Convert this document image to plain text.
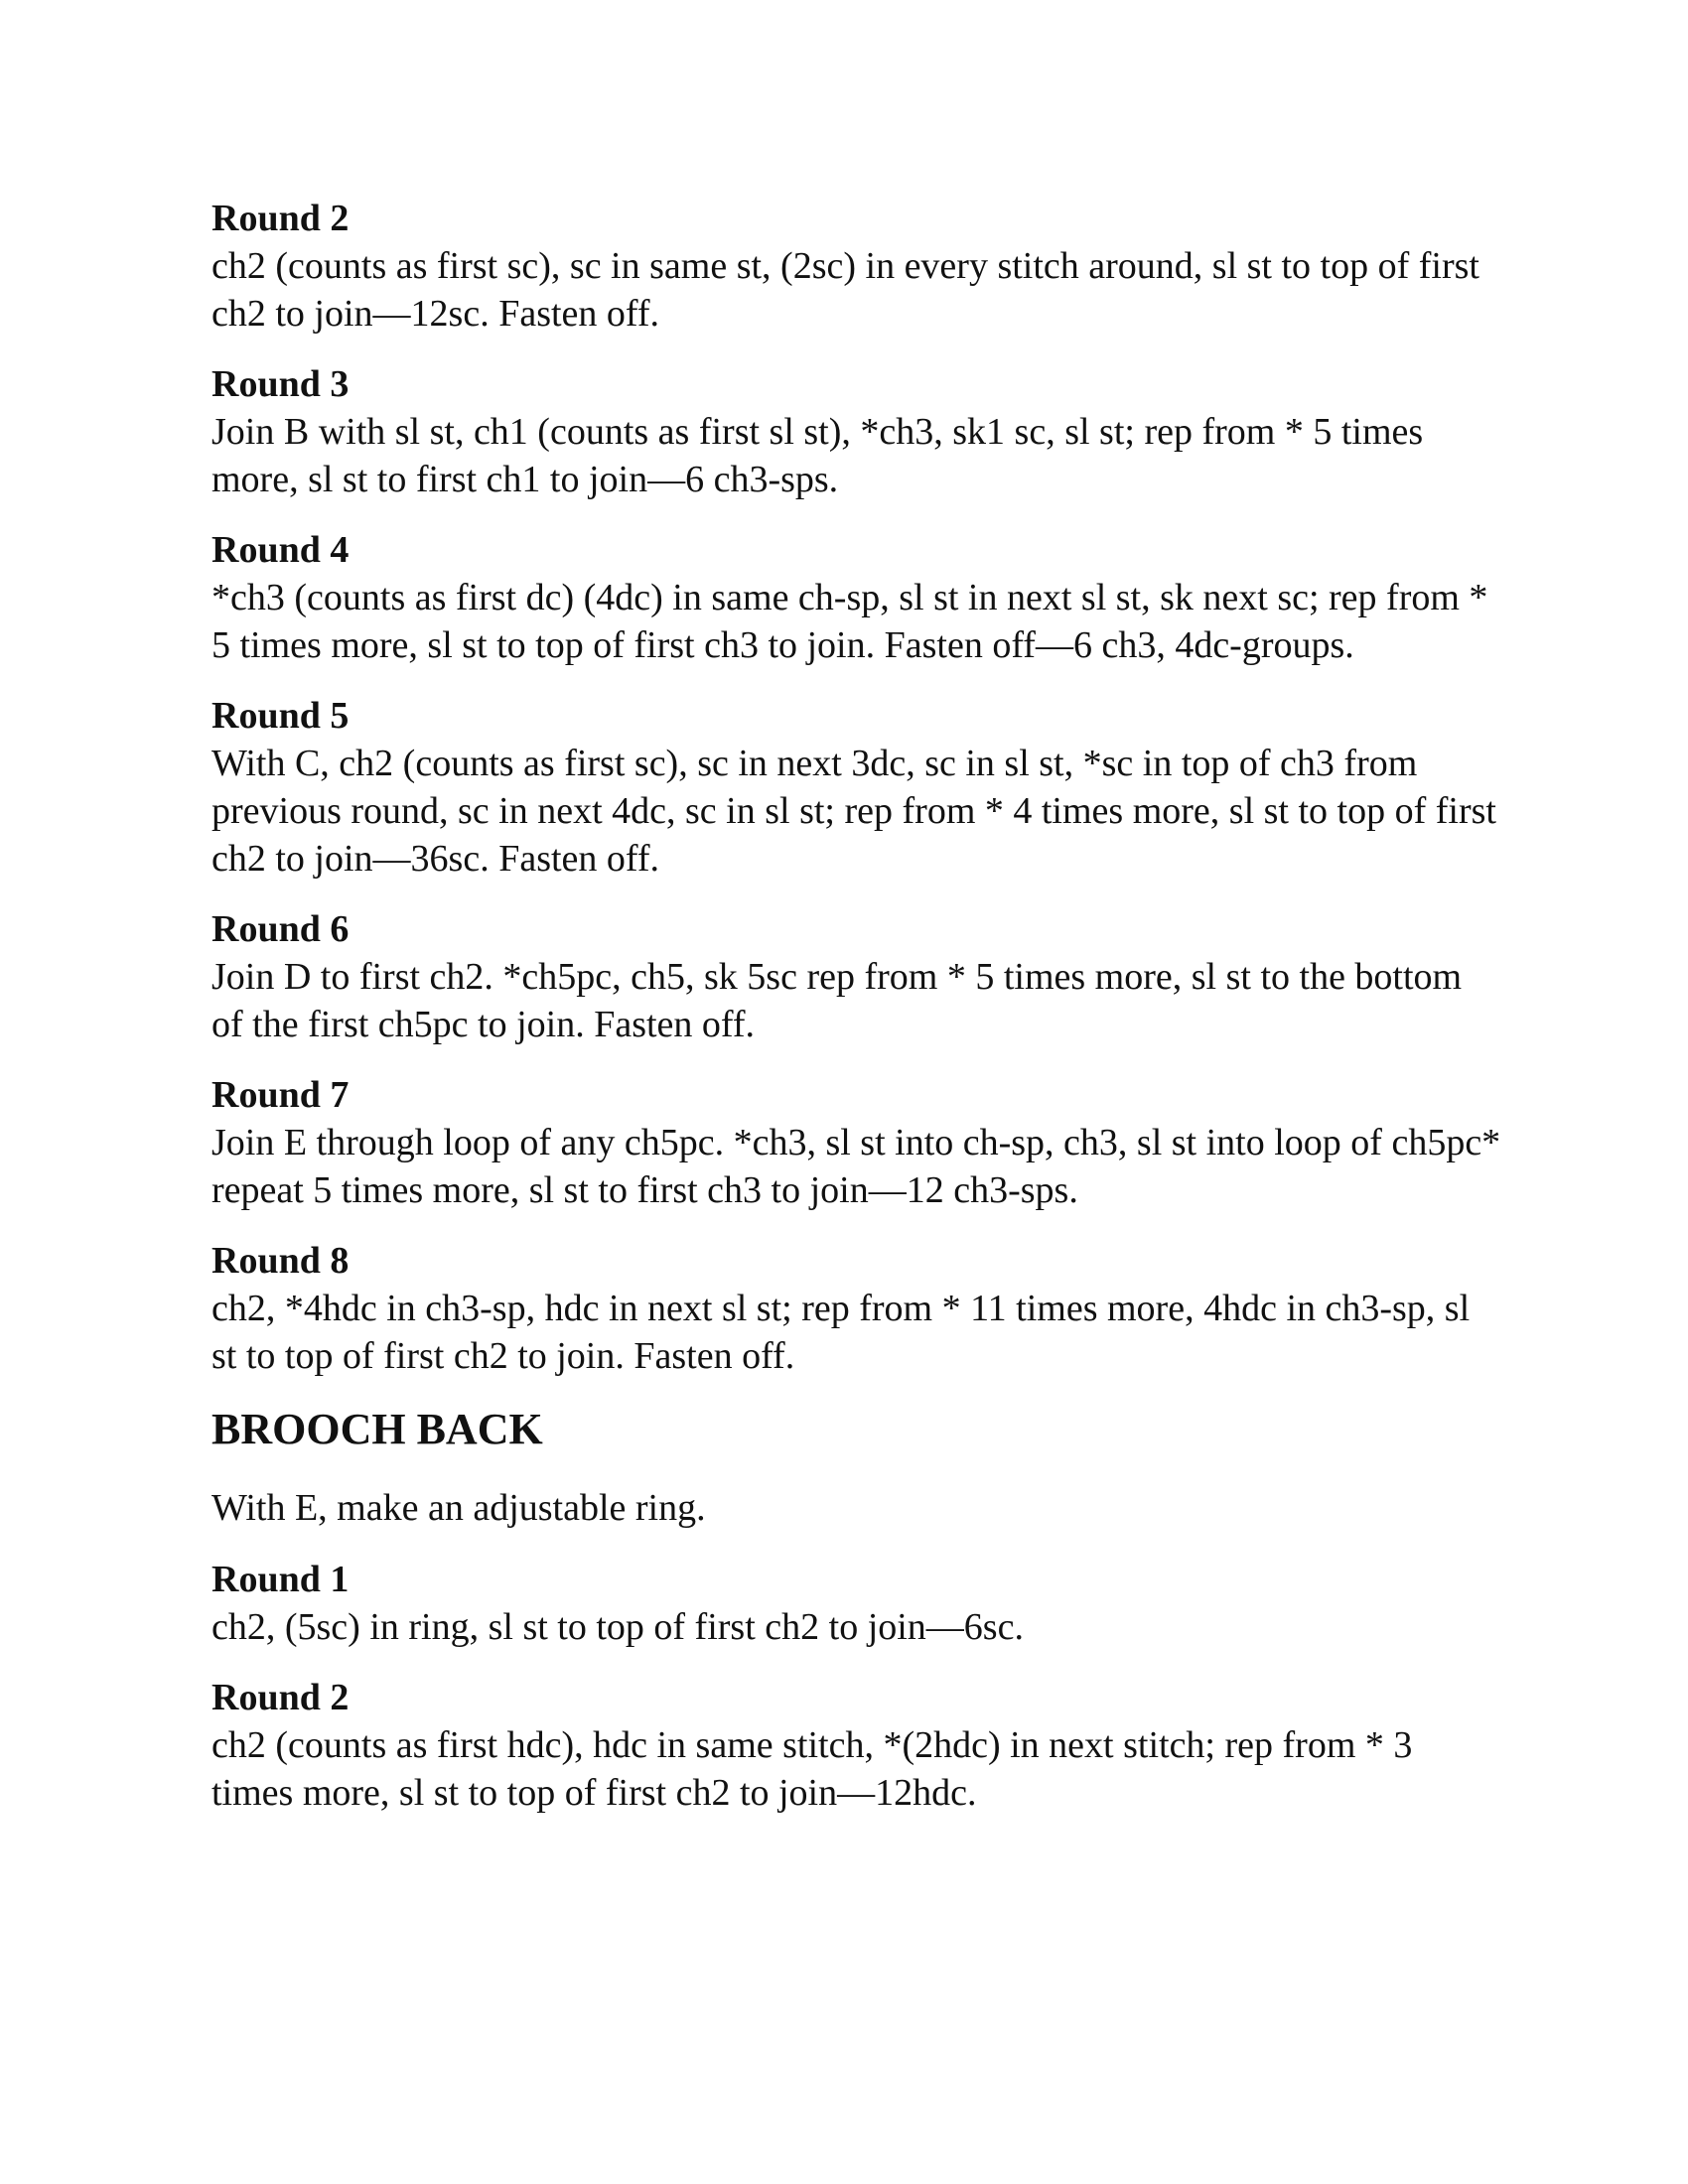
Round 2

ch2 (counts as first sc), sc in same st, (2sc) in every stitch around, sl st to top of first ch2 to join—12sc. Fasten off.

Round 3

Join B with sl st, ch1 (counts as first sl st), *ch3, sk1 sc, sl st; rep from * 5 times more, sl st to first ch1 to join—6 ch3-sps.

Round 4

*ch3 (counts as first dc) (4dc) in same ch-sp, sl st in next sl st, sk next sc; rep from * 5 times more, sl st to top of first ch3 to join. Fasten off—6 ch3, 4dc-groups.

Round 5

With C, ch2 (counts as first sc), sc in next 3dc, sc in sl st, *sc in top of ch3 from previous round, sc in next 4dc, sc in sl st; rep from * 4 times more, sl st to top of first ch2 to join—36sc. Fasten off.

Round 6

Join D to first ch2. *ch5pc, ch5, sk 5sc rep from * 5 times more, sl st to the bottom of the first ch5pc to join. Fasten off.

Round 7

Join E through loop of any ch5pc. *ch3, sl st into ch-sp, ch3, sl st into loop of ch5pc* repeat 5 times more, sl st to first ch3 to join—12 ch3-sps.

Round 8

ch2, *4hdc in ch3-sp, hdc in next sl st; rep from * 11 times more, 4hdc in ch3-sp, sl st to top of first ch2 to join. Fasten off.

BROOCH BACK

With E, make an adjustable ring.

Round 1

ch2, (5sc) in ring, sl st to top of first ch2 to join—6sc.

Round 2

ch2 (counts as first hdc), hdc in same stitch, *(2hdc) in next stitch; rep from * 3 times more, sl st to top of first ch2 to join—12hdc.
